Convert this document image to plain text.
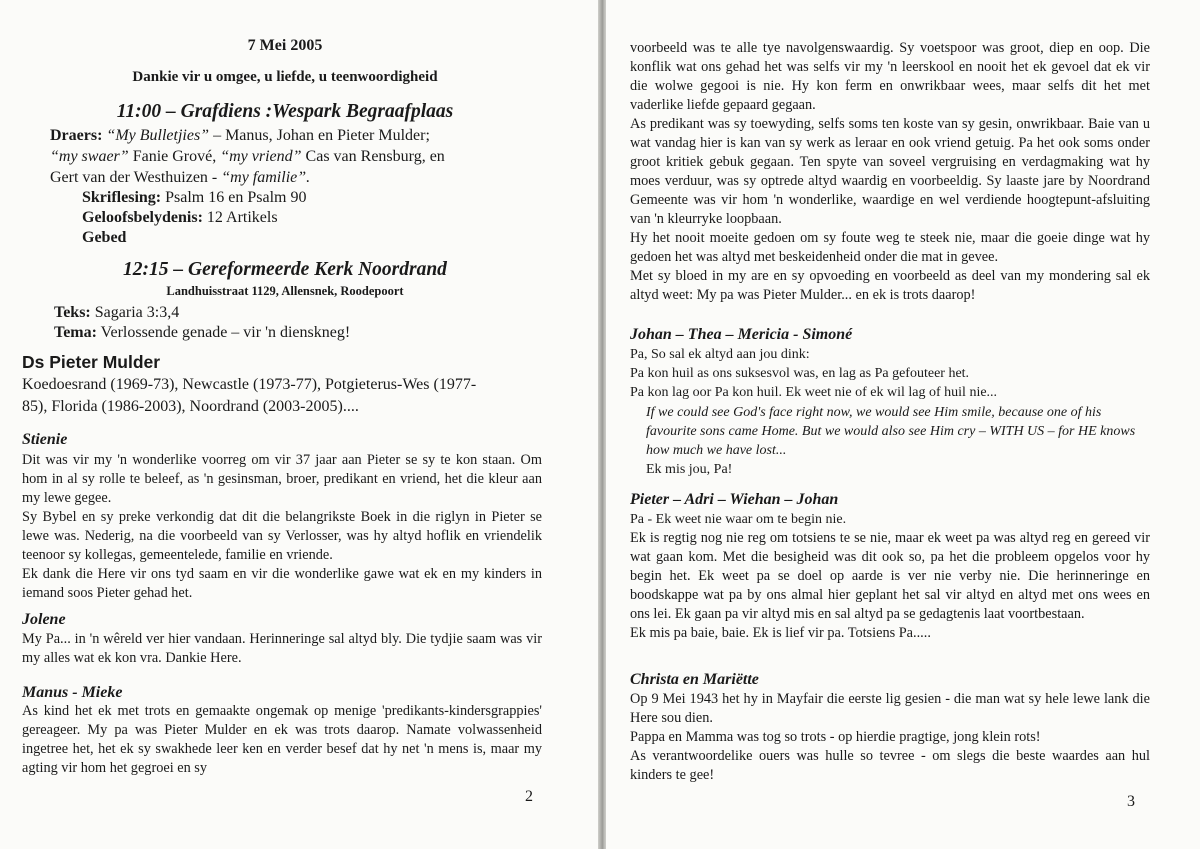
7 Mei 2005
Dankie vir u omgee, u liefde, u teenwoordigheid
11:00 – Grafdiens :Wespark Begraafplaas
Draers: “My Bulletjies” – Manus, Johan en Pieter Mulder;
“my swaer” Fanie Grové, “my vriend” Cas van Rensburg, en
Gert van der Westhuizen - “my familie”.
Skriflesing: Psalm 16 en Psalm 90
Geloofsbelydenis: 12 Artikels
Gebed
12:15 – Gereformeerde Kerk Noordrand
Landhuisstraat 1129, Allensnek, Roodepoort
Teks: Sagaria 3:3,4
Tema: Verlossende genade – vir 'n dienskneg!
Ds Pieter Mulder
Koedoesrand (1969-73), Newcastle (1973-77), Potgieterus-Wes (1977-
85), Florida (1986-2003), Noordrand (2003-2005)....
Stienie

Dit was vir my 'n wonderlike voorreg om vir 37 jaar aan Pieter se sy te kon staan. Om hom in al sy rolle te beleef, as 'n gesinsman, broer, predikant en vriend, het die kleur aan my lewe gegee.

Sy Bybel en sy preke verkondig dat dit die belangrikste Boek in die riglyn in Pieter se lewe was. Nederig, na die voorbeeld van sy Verlosser, was hy altyd hoflik en vriendelik teenoor sy kollegas, gemeentelede, familie en vriende.

Ek dank die Here vir ons tyd saam en vir die wonderlike gawe wat ek en my kinders in iemand soos Pieter gehad het.

Jolene

My Pa... in 'n wêreld ver hier vandaan. Herinneringe sal altyd bly. Die tydjie saam was vir my alles wat ek kon vra. Dankie Here.

Manus - Mieke

As kind het ek met trots en gemaakte ongemak op menige 'predikants-kindersgrappies' gereageer. My pa was Pieter Mulder en ek was trots daarop. Namate volwassenheid ingetree het, het ek sy swakhede leer ken en verder besef dat hy net 'n mens is, maar my agting vir hom het gegroei en sy

2

voorbeeld was te alle tye navolgenswaardig. Sy voetspoor was groot, diep en oop. Die konflik wat ons gehad het was selfs vir my 'n leerskool en nooit het ek gevoel dat ek vir die wolwe gegooi is nie. Hy kon ferm en onwrikbaar wees, maar selfs dit het met vaderlike liefde gepaard gegaan.

As predikant was sy toewyding, selfs soms ten koste van sy gesin, onwrikbaar. Baie van u wat vandag hier is kan van sy werk as leraar en ook vriend getuig. Pa het ook soms onder groot kritiek gebuk gegaan. Ten spyte van soveel vergruising en verdagmaking wat hy moes verduur, was sy optrede altyd waardig en voorbeeldig. Sy laaste jare by Noordrand Gemeente was vir hom 'n wonderlike, waardige en wel verdiende hoogtepunt-afsluiting van 'n kleurryke loopbaan.

Hy het nooit moeite gedoen om sy foute weg te steek nie, maar die goeie dinge wat hy gedoen het was altyd met beskeidenheid onder die mat in gevee.

Met sy bloed in my are en sy opvoeding en voorbeeld as deel van my mondering sal ek altyd weet: My pa was Pieter Mulder... en ek is trots daarop!

Johan – Thea – Mericia - Simoné
Pa, So sal ek altyd aan jou dink:
Pa kon huil as ons suksesvol was, en lag as Pa gefouteer het.
Pa kon lag oor Pa kon huil. Ek weet nie of ek wil lag of huil nie...
If we could see God's face right now, we would see Him smile, because one of his favourite sons came Home. But we would also see Him cry – WITH US – for HE knows how much we have lost...
Ek mis jou, Pa!
Pieter – Adri – Wiehan – Johan
Pa - Ek weet nie waar om te begin nie.

Ek is regtig nog nie reg om totsiens te se nie, maar ek weet pa was altyd reg en gereed vir wat gaan kom. Met die besigheid was dit ook so, pa het die probleem opgelos voor hy begin het. Ek weet pa se doel op aarde is ver nie verby nie. Die herinneringe en boodskappe wat pa by ons almal hier geplant het sal vir altyd en altyd met ons wees en ons lei. Ek gaan pa vir altyd mis en sal altyd pa se gedagtenis laat voortbestaan.

Ek mis pa baie, baie. Ek is lief vir pa. Totsiens Pa.....

Christa en Mariëtte

Op 9 Mei 1943 het hy in Mayfair die eerste lig gesien - die man wat sy hele lewe lank die Here sou dien.

Pappa en Mamma was tog so trots - op hierdie pragtige, jong klein rots!

As verantwoordelike ouers was hulle so tevree - om slegs die beste waardes aan hul kinders te gee!

3
